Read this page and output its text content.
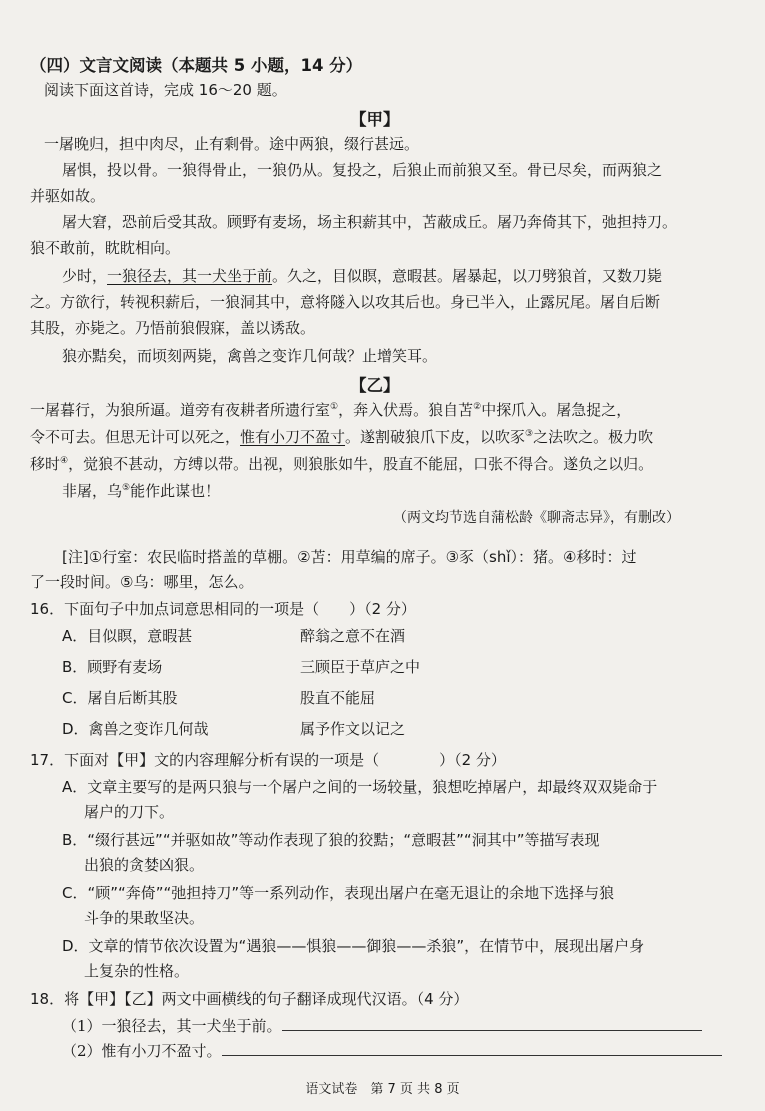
（四）文言文阅读（本题共 5 小题，14 分）
阅读下面这首诗，完成 16～20 题。
【甲】
一屠晚归，担中肉尽，止有剩骨。途中两狼，缀行甚远。
屠惧，投以骨。一狼得骨止，一狼仍从。复投之，后狼止而前狼又至。骨已尽矣，而两狼之
并驱如故。
屠大窘，恐前后受其敌。顾野有麦场，场主积薪其中，苫蔽成丘。屠乃奔倚其下，弛担持刀。
狼不敢前，眈眈相向。
少时，一狼径去，其一犬坐于前。久之，目似瞑，意暇甚。屠暴起，以刀劈狼首，又数刀毙
之。方欲行，转视积薪后，一狼洞其中，意将隧入以攻其后也。身已半入，止露尻尾。屠自后断
其股，亦毙之。乃悟前狼假寐，盖以诱敌。
狼亦黠矣，而顷刻两毙，禽兽之变诈几何哉？止增笑耳。
【乙】
一屠暮行，为狼所逼。道旁有夜耕者所遗行室①，奔入伏焉。狼自苫②中探爪入。屠急捉之，
令不可去。但思无计可以死之，惟有小刀不盈寸。遂割破狼爪下皮，以吹豕③之法吹之。极力吹
移时④，觉狼不甚动，方缚以带。出视，则狼胀如牛，股直不能屈，口张不得合。遂负之以归。
非屠，乌⑤能作此谋也！
（两文均节选自蒲松龄《聊斋志异》，有删改）
[注]①行室：农民临时搭盖的草棚。②苫：用草编的席子。③豕（shǐ）：猪。④移时：过
了一段时间。⑤乌：哪里，怎么。
16．下面句子中加点词意思相同的一项是（　　）（2 分）
A．目似瞑，意暇甚	醉翁之意不在酒
B．顾野有麦场	三顾臣于草庐之中
C．屠自后断其股	股直不能屈
D．禽兽之变诈几何哉	属予作文以记之
17．下面对【甲】文的内容理解分析有误的一项是（　　　　）（2 分）
A．文章主要写的是两只狼与一个屠户之间的一场较量，狼想吃掉屠户，却最终双双毙命于
屠户的刀下。
B．“缀行甚远”“并驱如故”等动作表现了狼的狡黠；“意暇甚”“洞其中”等描写表现
出狼的贪婪凶狠。
C．“顾”“奔倚”“弛担持刀”等一系列动作，表现出屠户在毫无退让的余地下选择与狼
斗争的果敢坚决。
D．文章的情节依次设置为“遇狼——惧狼——御狼——杀狼”，在情节中，展现出屠户身
上复杂的性格。
18．将【甲】【乙】两文中画横线的句子翻译成现代汉语。（4 分）
（1）一狼径去，其一犬坐于前。
（2）惟有小刀不盈寸。
语文试卷　第 7 页 共 8 页
